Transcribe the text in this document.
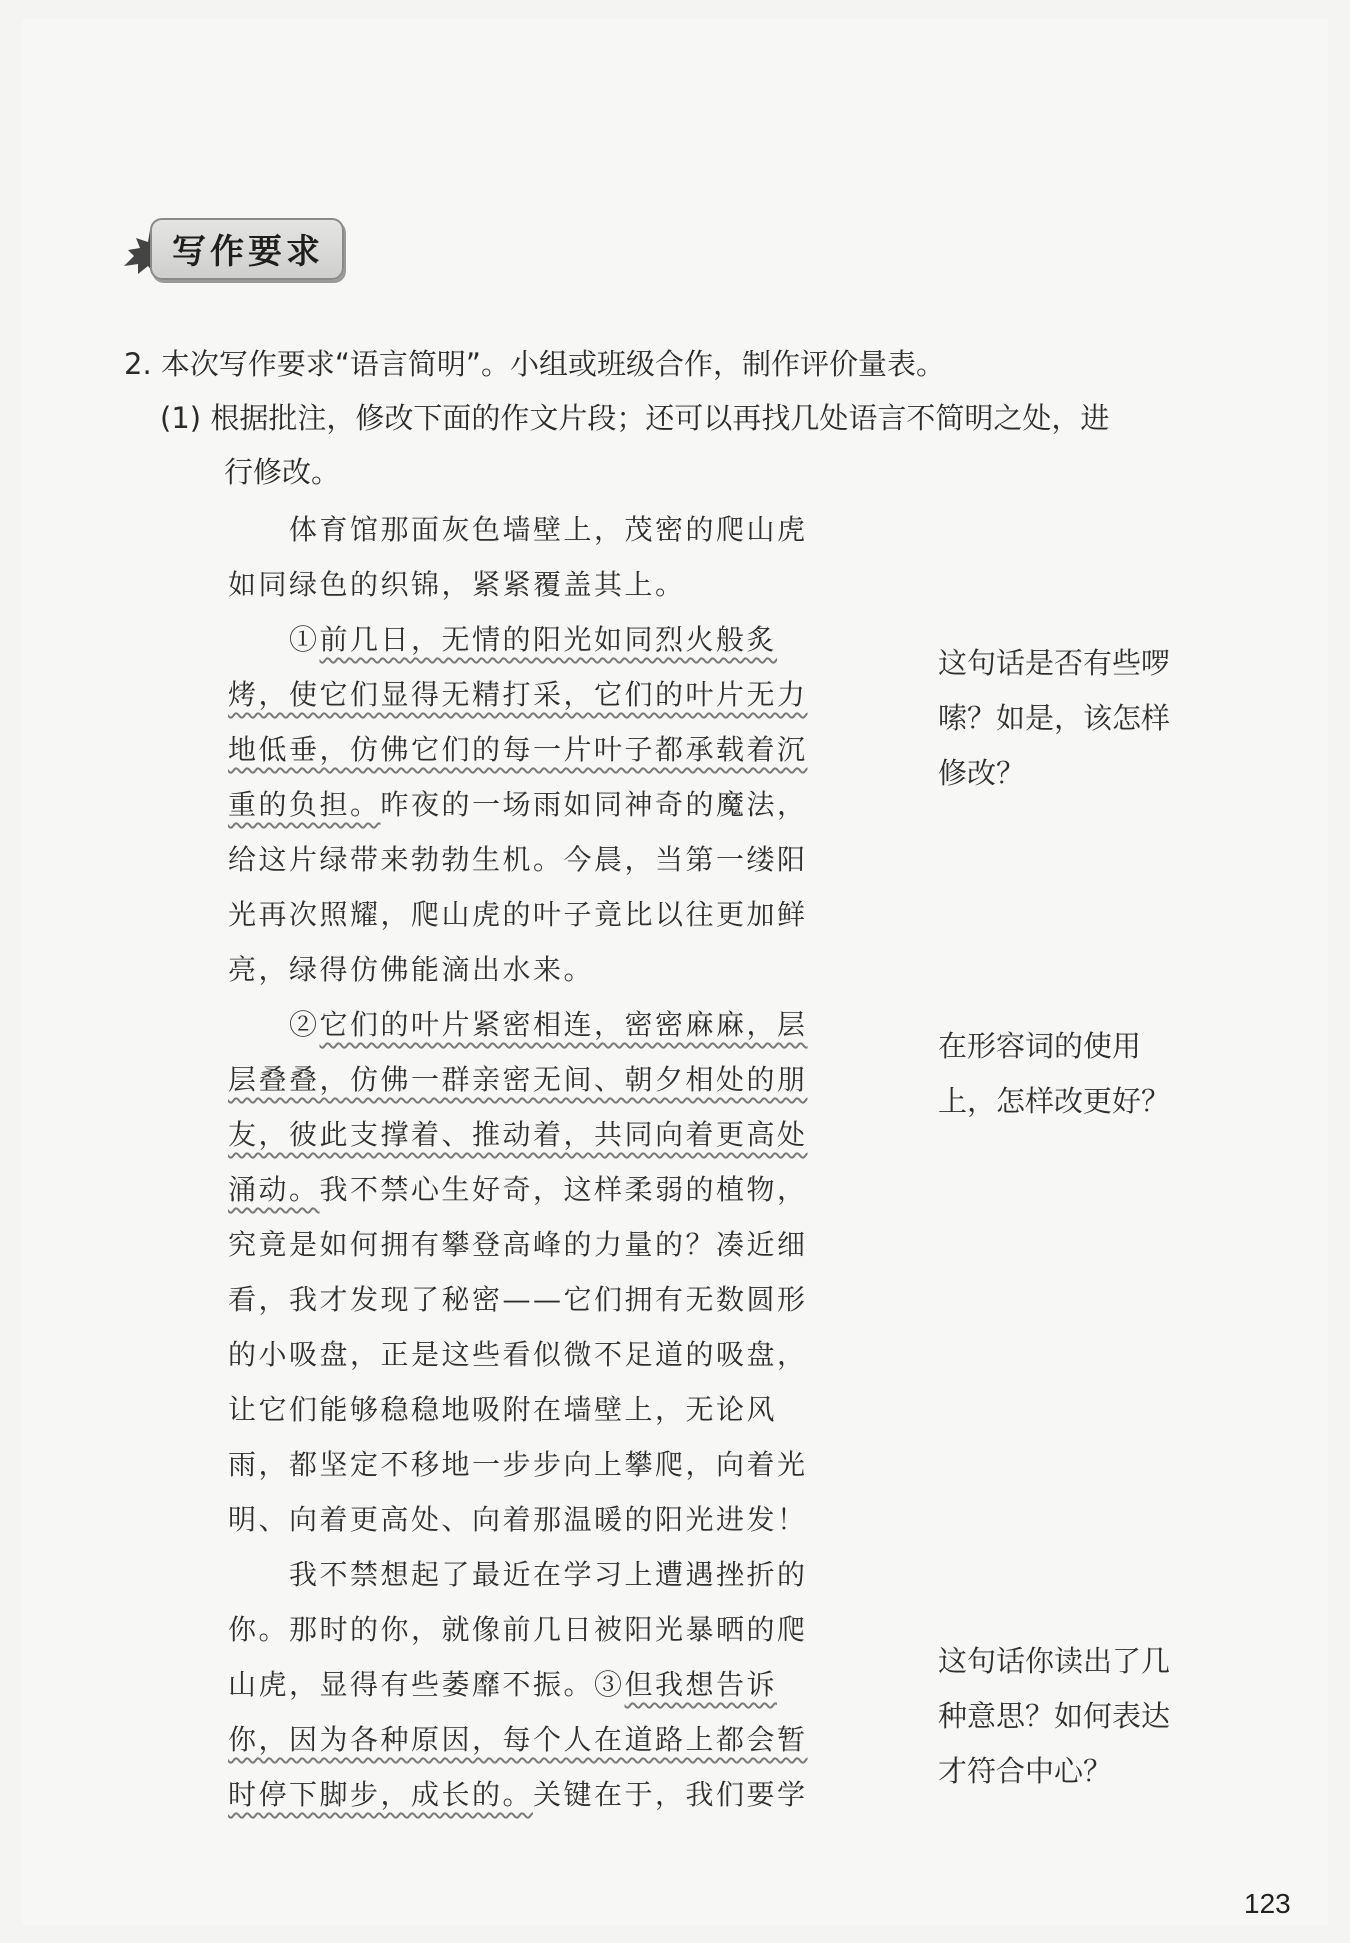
写作要求
2. 本次写作要求“语言简明”。小组或班级合作，制作评价量表。
(1) 根据批注，修改下面的作文片段；还可以再找几处语言不简明之处，进
行修改。
　　体育馆那面灰色墙壁上，茂密的爬山虎
如同绿色的织锦，紧紧覆盖其上。
　　①前几日，无情的阳光如同烈火般炙
烤，使它们显得无精打采，它们的叶片无力
地低垂，仿佛它们的每一片叶子都承载着沉
重的负担。昨夜的一场雨如同神奇的魔法，
给这片绿带来勃勃生机。今晨，当第一缕阳
光再次照耀，爬山虎的叶子竟比以往更加鲜
亮，绿得仿佛能滴出水来。
　　②它们的叶片紧密相连，密密麻麻，层
层叠叠，仿佛一群亲密无间、朝夕相处的朋
友，彼此支撑着、推动着，共同向着更高处
涌动。我不禁心生好奇，这样柔弱的植物，
究竟是如何拥有攀登高峰的力量的？凑近细
看，我才发现了秘密——它们拥有无数圆形
的小吸盘，正是这些看似微不足道的吸盘，
让它们能够稳稳地吸附在墙壁上，无论风
雨，都坚定不移地一步步向上攀爬，向着光
明、向着更高处、向着那温暖的阳光进发！
　　我不禁想起了最近在学习上遭遇挫折的
你。那时的你，就像前几日被阳光暴晒的爬
山虎，显得有些萎靡不振。③但我想告诉
你，因为各种原因，每个人在道路上都会暂
时停下脚步，成长的。关键在于，我们要学
这句话是否有些啰
嗦？如是，该怎样
修改？
在形容词的使用
上，怎样改更好？
这句话你读出了几
种意思？如何表达
才符合中心？
123
